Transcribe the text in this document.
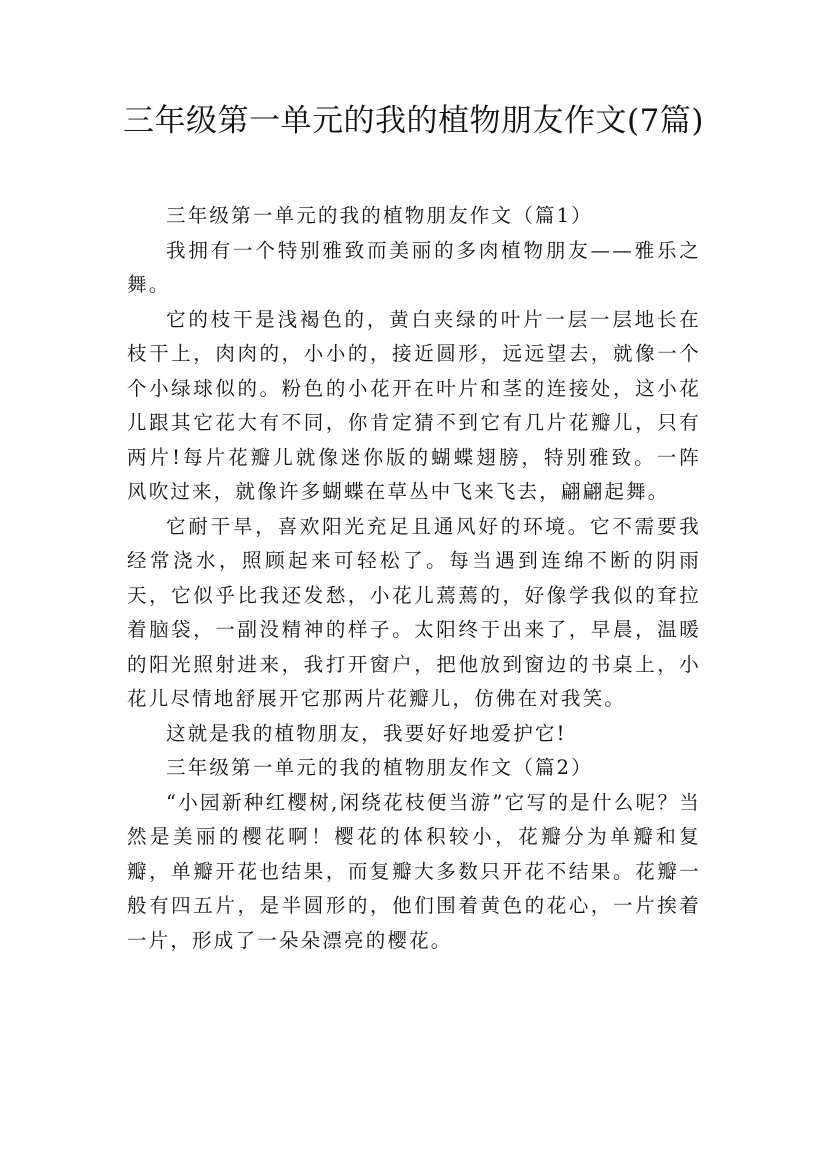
三年级第一单元的我的植物朋友作文(7篇)

三年级第一单元的我的植物朋友作文（篇1）

我拥有一个特别雅致而美丽的多肉植物朋友——雅乐之舞。

它的枝干是浅褐色的，黄白夹绿的叶片一层一层地长在枝干上，肉肉的，小小的，接近圆形，远远望去，就像一个个小绿球似的。粉色的小花开在叶片和茎的连接处，这小花儿跟其它花大有不同，你肯定猜不到它有几片花瓣儿，只有两片!每片花瓣儿就像迷你版的蝴蝶翅膀，特别雅致。一阵风吹过来，就像许多蝴蝶在草丛中飞来飞去，翩翩起舞。

它耐干旱，喜欢阳光充足且通风好的环境。它不需要我经常浇水，照顾起来可轻松了。每当遇到连绵不断的阴雨天，它似乎比我还发愁，小花儿蔫蔫的，好像学我似的耷拉着脑袋，一副没精神的样子。太阳终于出来了，早晨，温暖的阳光照射进来，我打开窗户，把他放到窗边的书桌上，小花儿尽情地舒展开它那两片花瓣儿，仿佛在对我笑。

这就是我的植物朋友，我要好好地爱护它!

三年级第一单元的我的植物朋友作文（篇2）

“小园新种红樱树,闲绕花枝便当游”它写的是什么呢？当然是美丽的樱花啊！樱花的体积较小，花瓣分为单瓣和复瓣，单瓣开花也结果，而复瓣大多数只开花不结果。花瓣一般有四五片，是半圆形的，他们围着黄色的花心，一片挨着一片，形成了一朵朵漂亮的樱花。
